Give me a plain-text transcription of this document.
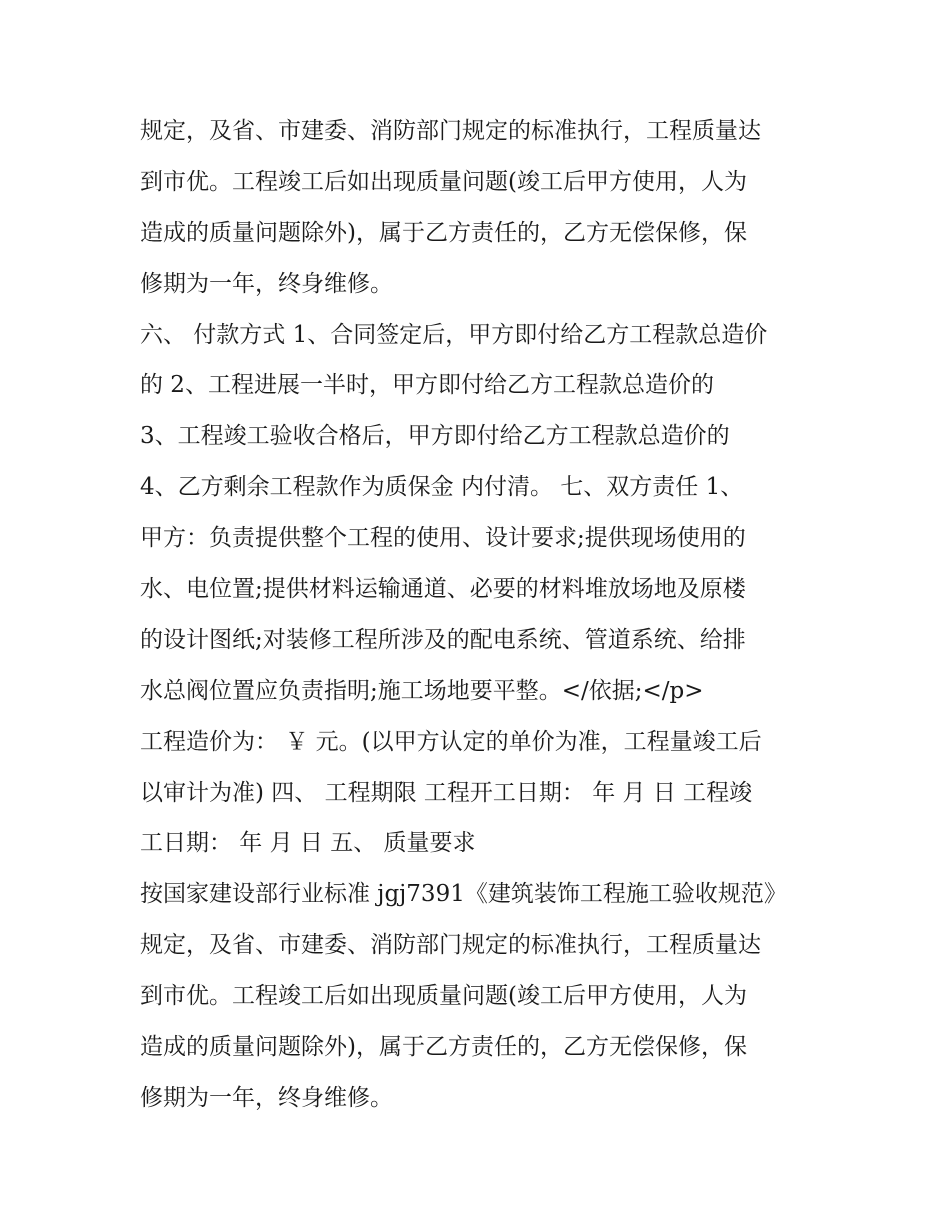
规定，及省、市建委、消防部门规定的标准执行，工程质量达
到市优。工程竣工后如出现质量问题(竣工后甲方使用，人为
造成的质量问题除外)，属于乙方责任的，乙方无偿保修，保
修期为一年，终身维修。
六、 付款方式 1、合同签定后，甲方即付给乙方工程款总造价
的 2、工程进展一半时，甲方即付给乙方工程款总造价的
3、工程竣工验收合格后，甲方即付给乙方工程款总造价的
4、乙方剩余工程款作为质保金 内付清。 七、双方责任 1、
甲方：负责提供整个工程的使用、设计要求;提供现场使用的
水、电位置;提供材料运输通道、必要的材料堆放场地及原楼
的设计图纸;对装修工程所涉及的配电系统、管道系统、给排
水总阀位置应负责指明;施工场地要平整。</依据;</p>
工程造价为： ￥ 元。(以甲方认定的单价为准，工程量竣工后
以审计为准) 四、 工程期限 工程开工日期： 年 月 日 工程竣
工日期： 年 月 日 五、 质量要求
按国家建设部行业标准 jgj7391《建筑装饰工程施工验收规范》
规定，及省、市建委、消防部门规定的标准执行，工程质量达
到市优。工程竣工后如出现质量问题(竣工后甲方使用，人为
造成的质量问题除外)，属于乙方责任的，乙方无偿保修，保
修期为一年，终身维修。
